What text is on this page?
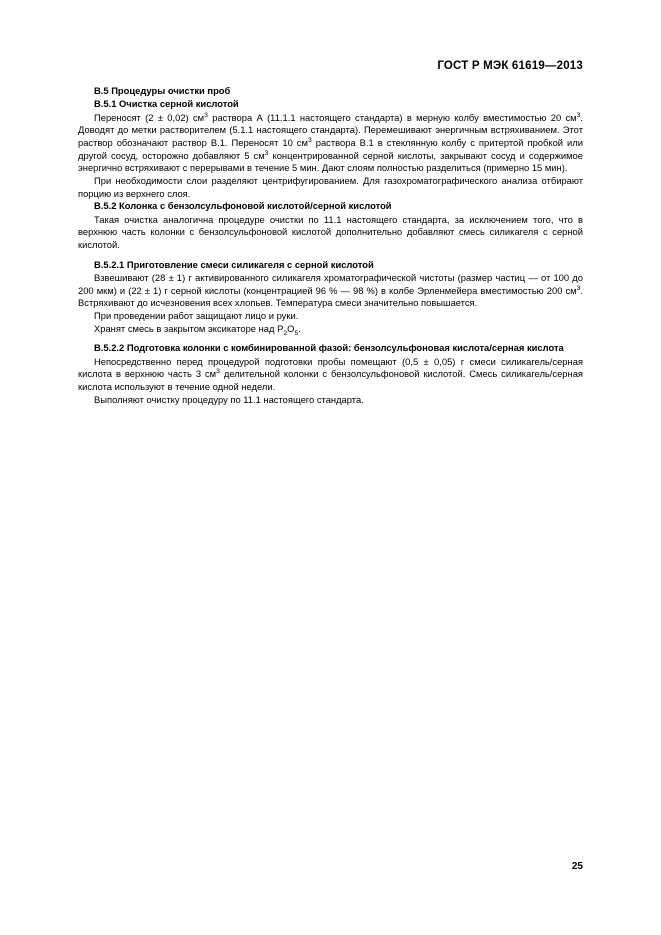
ГОСТ Р МЭК 61619—2013
В.5 Процедуры очистки проб
В.5.1 Очистка серной кислотой

Переносят (2 ± 0,02) $см^3$ раствора А (11.1.1 настоящего стандарта) в мерную колбу вместимостью 20 $см^3$. Доводят до метки растворителем (5.1.1 настоящего стандарта). Перемешивают энергичным встряхиванием. Этот раствор обозначают раствор В.1. Переносят 10 $см^3$ раствора В.1 в стеклянную колбу с притертой пробкой или другой сосуд, осторожно добавляют 5 $см^3$ концентрированной серной кислоты, закрывают сосуд и содержимое энергично встряхивают с перерывами в течение 5 мин. Дают слоям полностью разделиться (примерно 15 мин).

При необходимости слои разделяют центрифугированием. Для газохроматографического анализа отбирают порцию из верхнего слоя.

В.5.2 Колонка с бензолсульфоновой кислотой/серной кислотой

Такая очистка аналогична процедуре очистки по 11.1 настоящего стандарта, за исключением того, что в верхнюю часть колонки с бензолсульфоновой кислотой дополнительно добавляют смесь силикагеля с серной кислотой.

В.5.2.1 Приготовление смеси силикагеля с серной кислотой

Взвешивают (28 ± 1) г активированного силикагеля хроматографической чистоты (размер частиц — от 100 до 200 мкм) и (22 ± 1) г серной кислоты (концентрацией 96 % — 98 %) в колбе Эрленмейера вместимостью 200 $см^3$. Встряхивают до исчезновения всех хлопьев. Температура смеси значительно повышается.

При проведении работ защищают лицо и руки.

Хранят смесь в закрытом эксикаторе над $P_2O_5$.

В.5.2.2 Подготовка колонки с комбинированной фазой: бензолсульфоновая кислота/серная кислота

Непосредственно перед процедурой подготовки пробы помещают (0,5 ± 0,05) г смеси силикагель/серная кислота в верхнюю часть 3 $см^3$ делительной колонки с бензолсульфоновой кислотой. Смесь силикагель/серная кислота используют в течение одной недели.

Выполняют очистку процедуру по 11.1 настоящего стандарта.

25
